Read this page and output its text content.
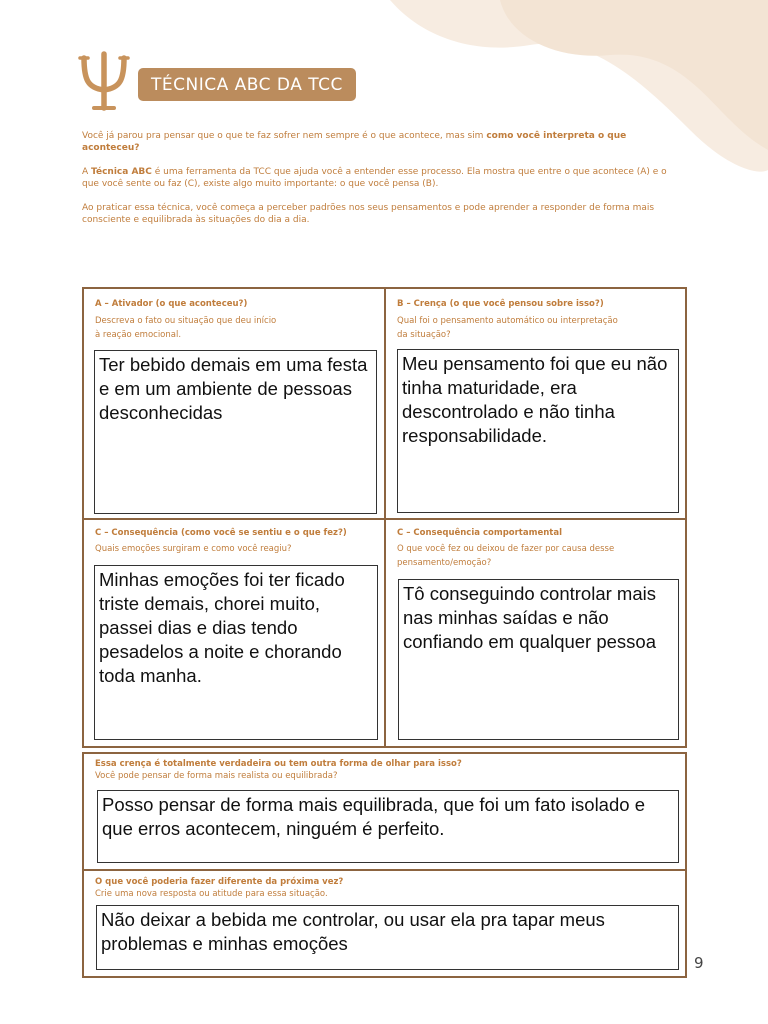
TÉCNICA ABC DA TCC

Você já parou pra pensar que o que te faz sofrer nem sempre é o que acontece, mas sim como você interpreta o que aconteceu?

A Técnica ABC é uma ferramenta da TCC que ajuda você a entender esse processo. Ela mostra que entre o que acontece (A) e o que você sente ou faz (C), existe algo muito importante: o que você pensa (B).

Ao praticar essa técnica, você começa a perceber padrões nos seus pensamentos e pode aprender a responder de forma mais consciente e equilibrada às situações do dia a dia.

A – Ativador (o que aconteceu?)
Descreva o fato ou situação que deu início
à reação emocional.
Ter bebido demais em uma festa e em um ambiente de pessoas desconhecidas
B – Crença (o que você pensou sobre isso?)
Qual foi o pensamento automático ou interpretação
da situação?
Meu pensamento foi que eu não tinha maturidade, era descontrolado e não tinha responsabilidade.
C – Consequência (como você se sentiu e o que fez?)
Quais emoções surgiram e como você reagiu?
Minhas emoções foi ter ficado triste demais, chorei muito, passei dias e dias tendo pesadelos a noite e chorando toda manha.
C – Consequência comportamental
O que você fez ou deixou de fazer por causa desse
pensamento/emoção?
Tô conseguindo controlar mais nas minhas saídas e não confiando em qualquer pessoa
Essa crença é totalmente verdadeira ou tem outra forma de olhar para isso?
Você pode pensar de forma mais realista ou equilibrada?
Posso pensar de forma mais equilibrada, que foi um fato isolado e que erros acontecem, ninguém é perfeito.
O que você poderia fazer diferente da próxima vez?
Crie uma nova resposta ou atitude para essa situação.
Não deixar a bebida me controlar, ou usar ela pra tapar meus problemas e minhas emoções
9
